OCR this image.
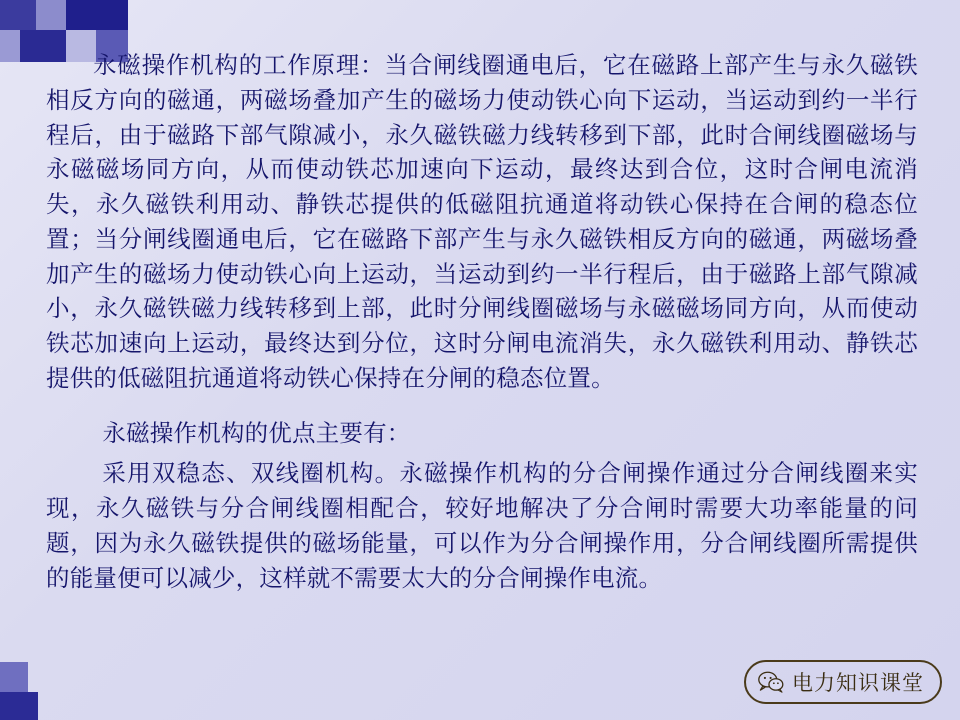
永磁操作机构的工作原理：当合闸线圈通电后，它在磁路上部产生与永久磁铁相反方向的磁通，两磁场叠加产生的磁场力使动铁心向下运动，当运动到约一半行程后，由于磁路下部气隙减小，永久磁铁磁力线转移到下部，此时合闸线圈磁场与永磁磁场同方向，从而使动铁芯加速向下运动，最终达到合位，这时合闸电流消失，永久磁铁利用动、静铁芯提供的低磁阻抗通道将动铁心保持在合闸的稳态位置；当分闸线圈通电后，它在磁路下部产生与永久磁铁相反方向的磁通，两磁场叠加产生的磁场力使动铁心向上运动，当运动到约一半行程后，由于磁路上部气隙减小，永久磁铁磁力线转移到上部，此时分闸线圈磁场与永磁磁场同方向，从而使动铁芯加速向上运动，最终达到分位，这时分闸电流消失，永久磁铁利用动、静铁芯提供的低磁阻抗通道将动铁心保持在分闸的稳态位置。

永磁操作机构的优点主要有：

采用双稳态、双线圈机构。永磁操作机构的分合闸操作通过分合闸线圈来实现，永久磁铁与分合闸线圈相配合，较好地解决了分合闸时需要大功率能量的问题，因为永久磁铁提供的磁场能量，可以作为分合闸操作用，分合闸线圈所需提供的能量便可以减少，这样就不需要太大的分合闸操作电流。

电力知识课堂
